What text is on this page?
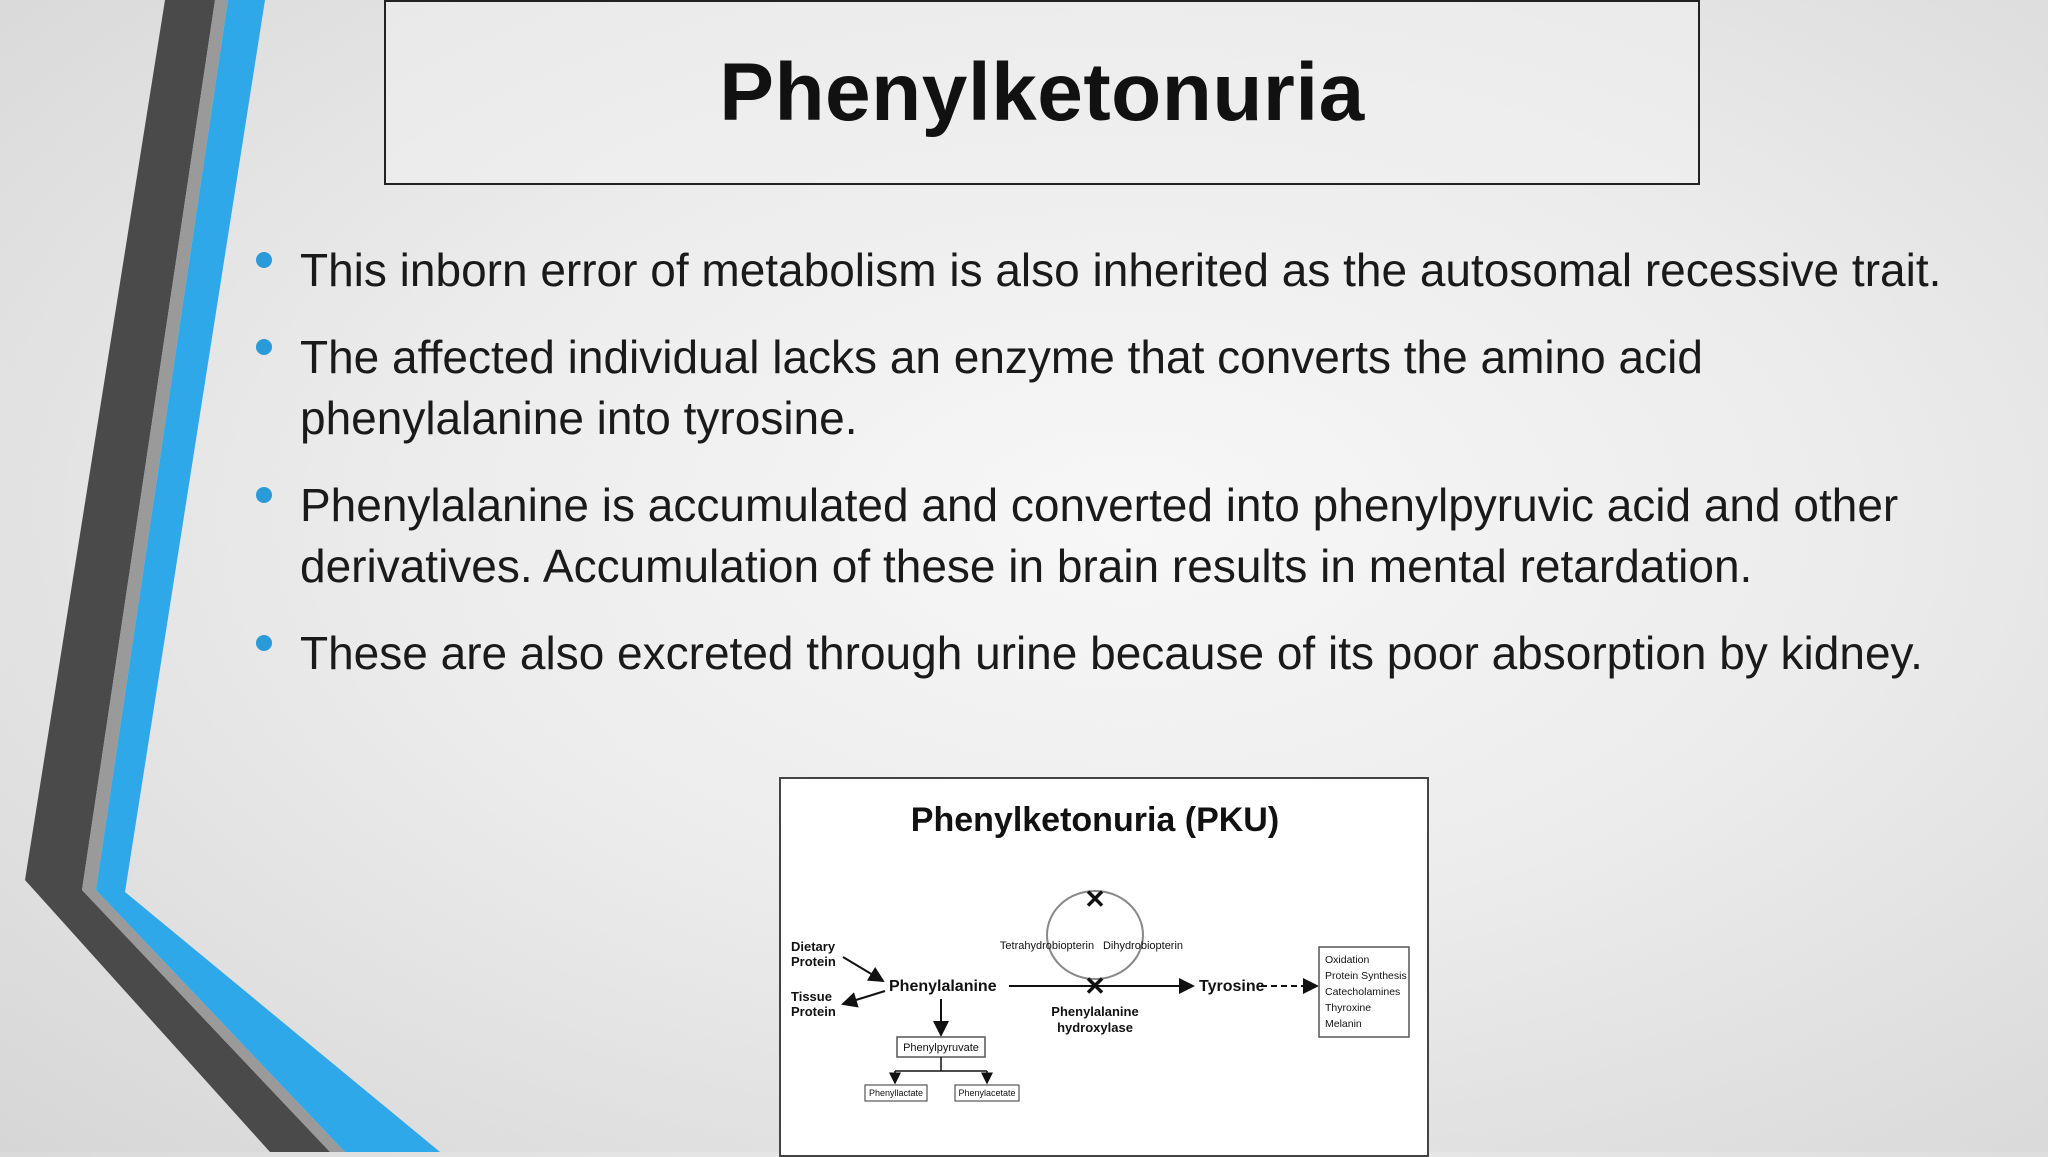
Phenylketonuria
This inborn error of metabolism is also inherited as the autosomal recessive trait.
The affected individual lacks an enzyme that converts the amino acid phenylalanine into tyrosine.
Phenylalanine is accumulated and converted into phenylpyruvic acid and other derivatives. Accumulation of these in brain results in mental retardation.
These are also excreted through urine because of its poor absorption by kidney.
Phenylketonuria (PKU)
✕
Tetrahydrobiopterin Dihydrobiopterin
Dietary Protein
Tissue Protein
Phenylalanine	✕	Tyrosine
Phenylalanine hydroxylase
Oxidation Protein Synthesis Catecholamines Thyroxine Melanin
Phenylpyruvate
Phenyllactate	Phenylacetate
